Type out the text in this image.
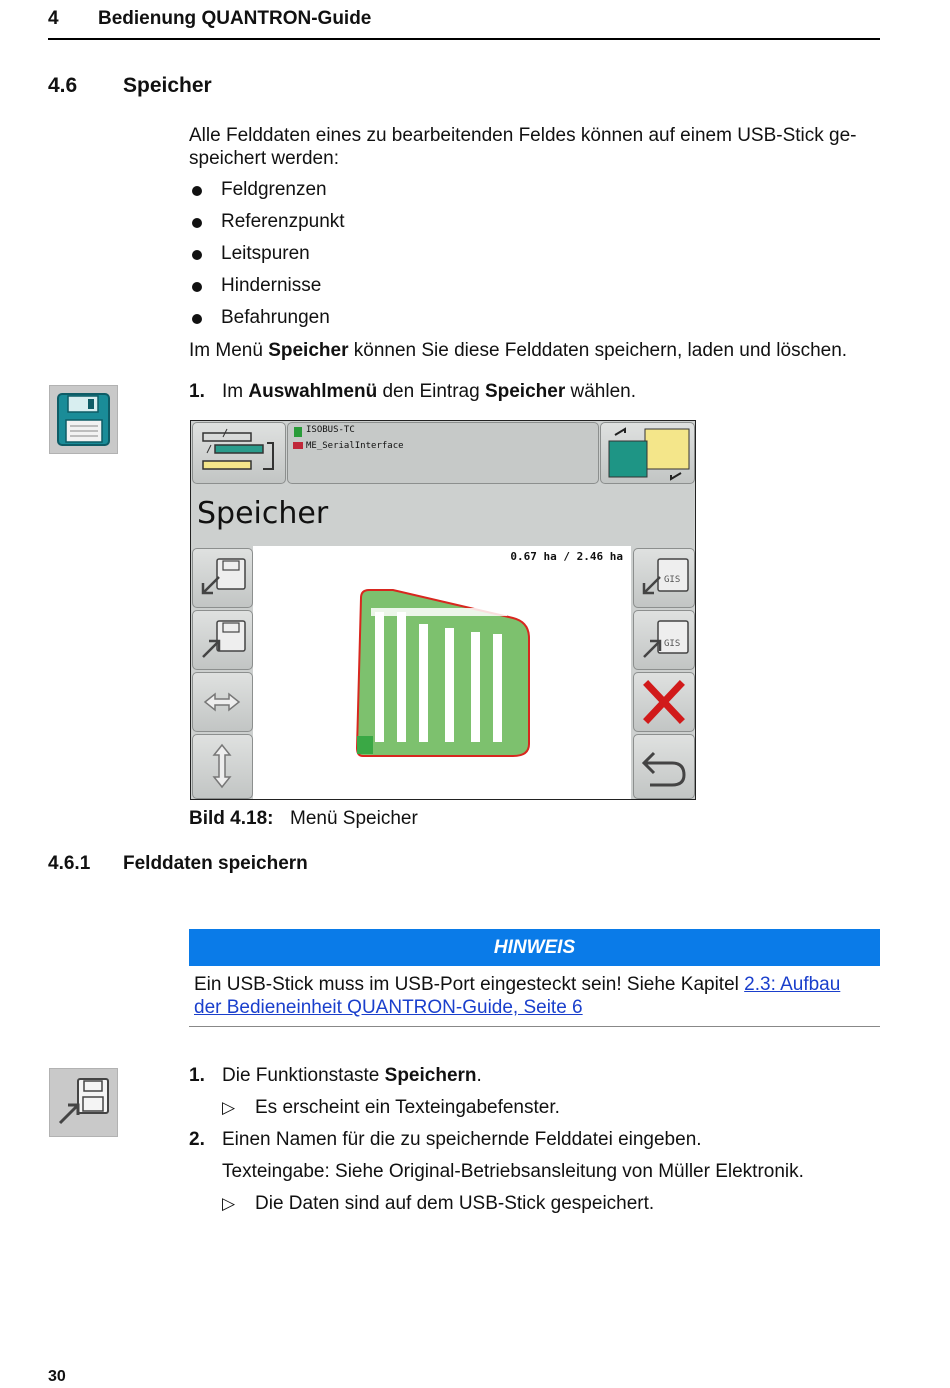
4 Bedienung QUANTRON-Guide
4.6 Speicher
Alle Felddaten eines zu bearbeitenden Feldes können auf einem USB-Stick ge-
speichert werden:
Feldgrenzen
Referenzpunkt
Leitspuren
Hindernisse
Befahrungen
Im Menü Speicher können Sie diese Felddaten speichern, laden und löschen.
1. Im Auswahlmenü den Eintrag Speicher wählen.
ISOBUS-TC
ME_SerialInterface
Speicher
0.67 ha / 2.46 ha
GIS
GIS
Bild 4.18: Menü Speicher
4.6.1 Felddaten speichern
HINWEIS
Ein USB-Stick muss im USB-Port eingesteckt sein! Siehe Kapitel 2.3: Aufbau
der Bedieneinheit QUANTRON-Guide, Seite 6
1. Die Funktionstaste Speichern.
▷ Es erscheint ein Texteingabefenster.
2. Einen Namen für die zu speichernde Felddatei eingeben.
Texteingabe: Siehe Original-Betriebsansleitung von Müller Elektronik.
▷ Die Daten sind auf dem USB-Stick gespeichert.
30
